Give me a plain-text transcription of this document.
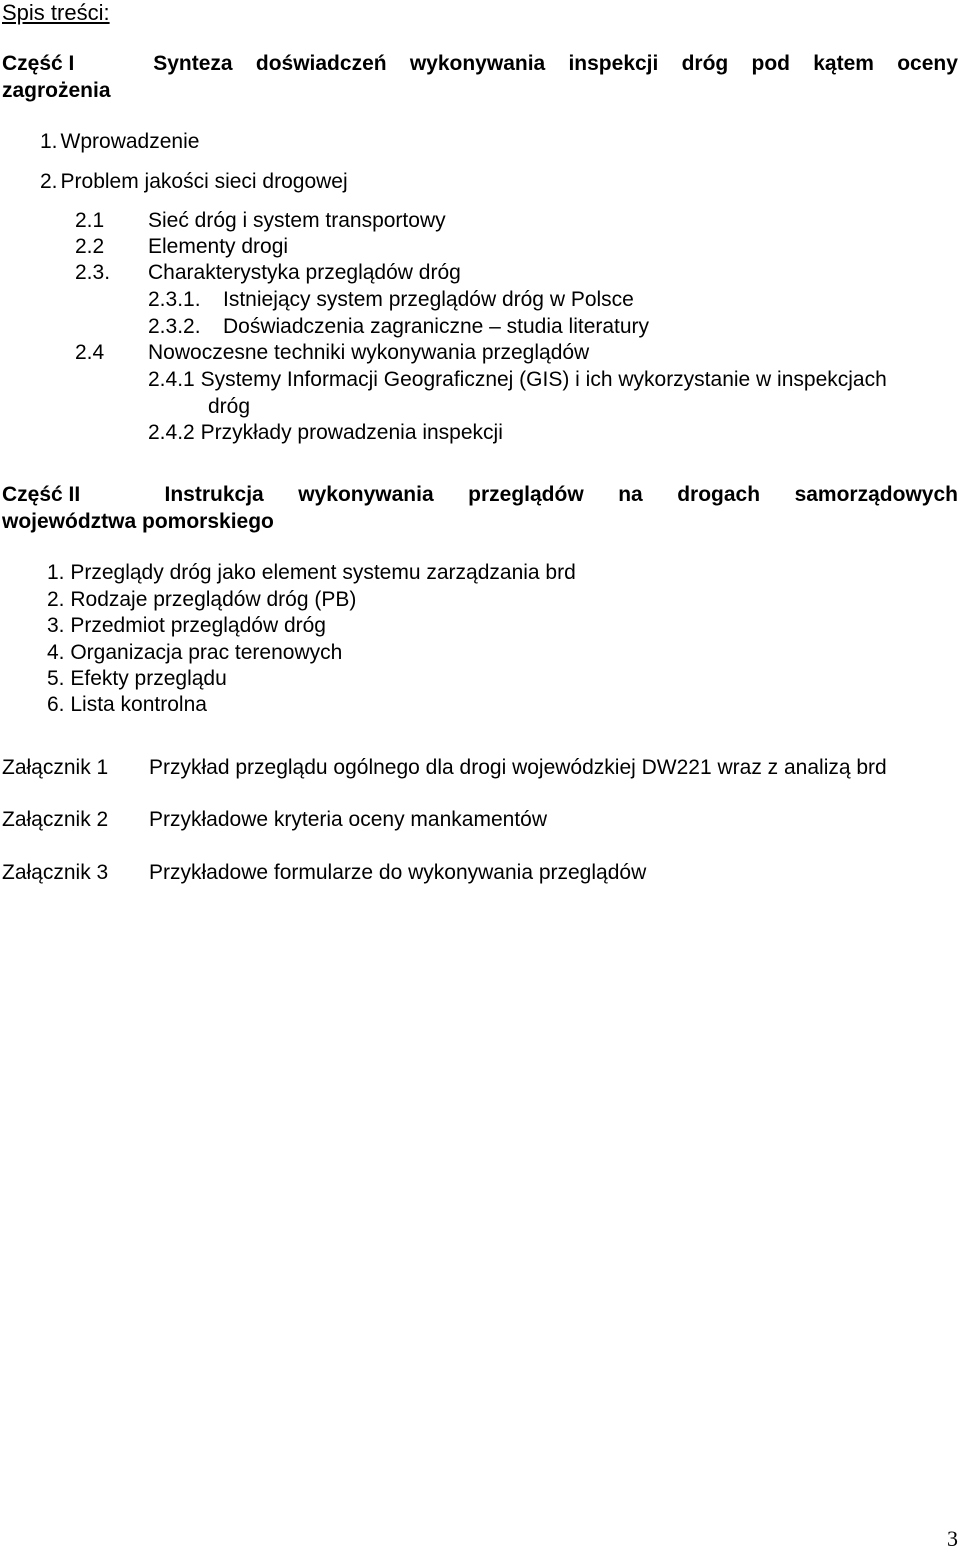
Spis treści:
Część I	Synteza doświadczeń wykonywania inspekcji dróg pod kątem oceny
zagrożenia
1. Wprowadzenie
2. Problem jakości sieci drogowej
2.1 Sieć dróg i system transportowy
2.2 Elementy drogi
2.3. Charakterystyka przeglądów dróg
2.3.1. Istniejący system przeglądów dróg w Polsce
2.3.2. Doświadczenia zagraniczne – studia literatury
2.4 Nowoczesne techniki wykonywania przeglądów
2.4.1 Systemy Informacji Geograficznej (GIS) i ich wykorzystanie w inspekcjach
dróg
2.4.2 Przykłady prowadzenia inspekcji
Część II	Instrukcja wykonywania przeglądów na drogach samorządowych
województwa pomorskiego
1. Przeglądy dróg jako element systemu zarządzania brd
2. Rodzaje przeglądów dróg (PB)
3. Przedmiot przeglądów dróg
4. Organizacja prac terenowych
5. Efekty przeglądu
6. Lista kontrolna
Załącznik 1 Przykład przeglądu ogólnego dla drogi wojewódzkiej DW221 wraz z analizą brd
Załącznik 2 Przykładowe kryteria oceny mankamentów
Załącznik 3 Przykładowe formularze do wykonywania przeglądów
3
